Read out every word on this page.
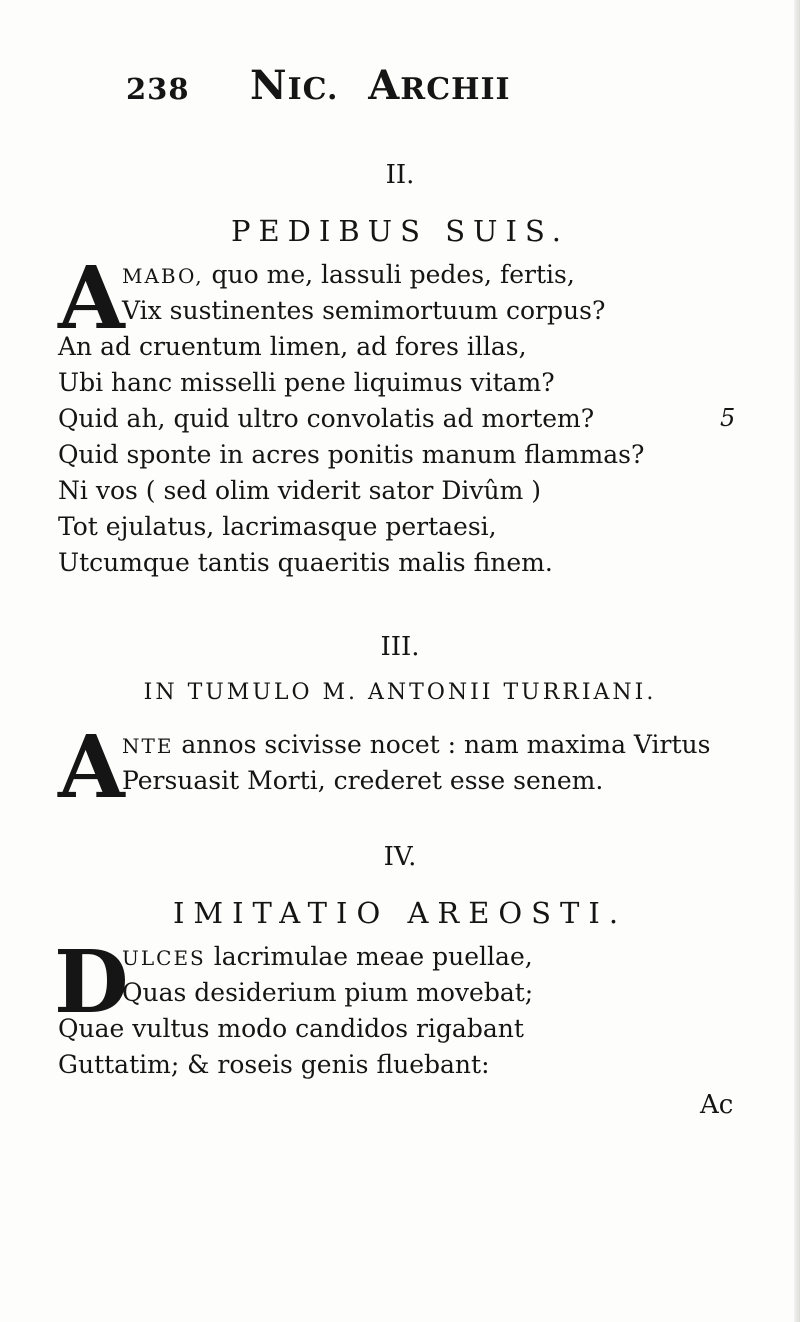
238 NIC. ARCHII
II.
PEDIBUS SUIS.
A
MABO, quo me, lassuli pedes, fertis,
Vix sustinentes semimortuum corpus?
An ad cruentum limen, ad fores illas,
Ubi hanc misselli pene liquimus vitam?
Quid ah, quid ultro convolatis ad mortem?	5
Quid sponte in acres ponitis manum flammas?
Ni vos ( sed olim viderit sator Divûm )
Tot ejulatus, lacrimasque pertaesi,
Utcumque tantis quaeritis malis finem.
III.
IN TUMULO M. ANTONII TURRIANI.
A
NTE annos scivisse nocet : nam maxima Virtus
Persuasit Morti, crederet esse senem.
IV.
IMITATIO AREOSTI.
D
ULCES lacrimulae meae puellae,
Quas desiderium pium movebat;
Quae vultus modo candidos rigabant
Guttatim; & roseis genis fluebant:
Ac
